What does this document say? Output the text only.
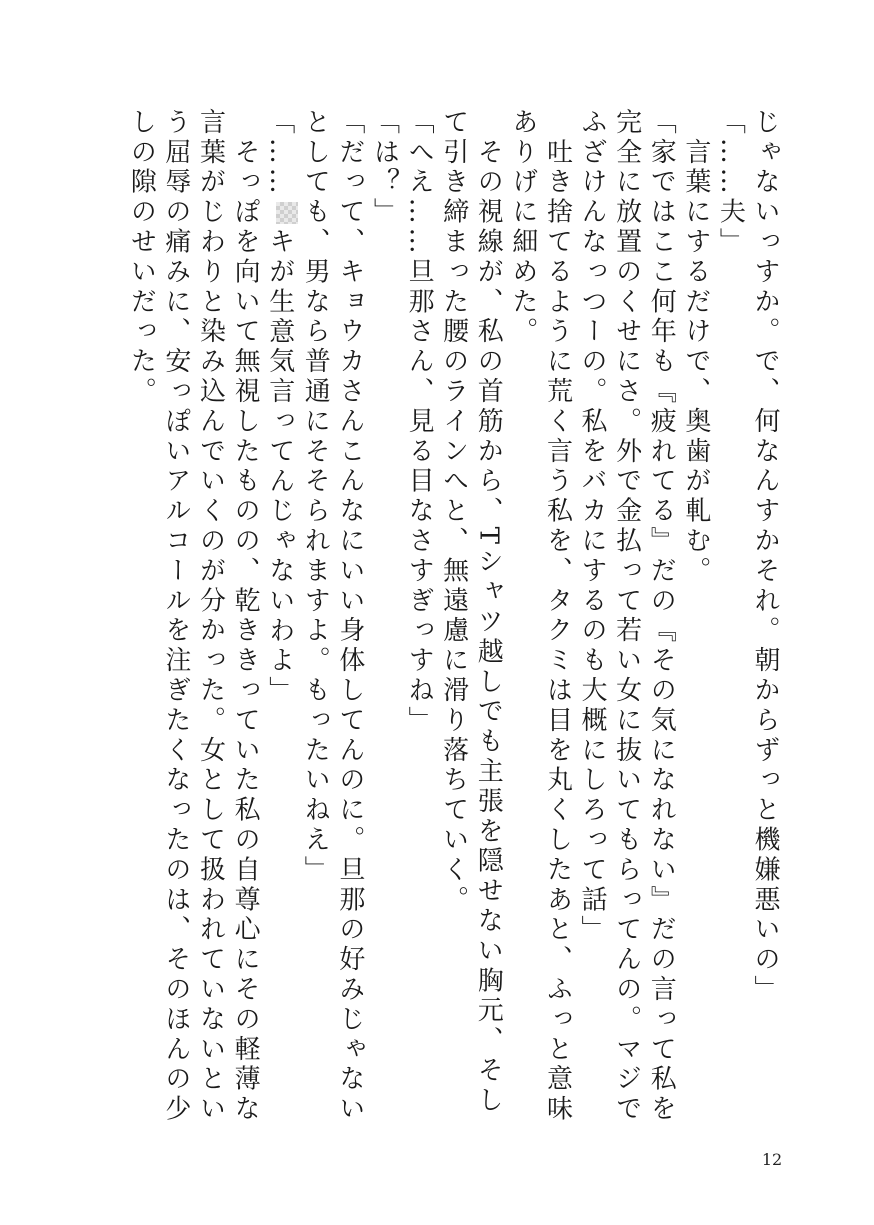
じゃないっすか。で、何なんすかそれ。朝からずっと機嫌悪いの」
「……夫」
　言葉にするだけで、奥歯が軋む。
「家ではここ何年も『疲れてる』だの『その気になれない』だの言って私を
完全に放置のくせにさ。外で金払って若い女に抜いてもらってんの。マジで
ふざけんなっつーの。私をバカにするのも大概にしろって話」
　吐き捨てるように荒く言う私を、タクミは目を丸くしたあと、ふっと意味
ありげに細めた。
　その視線が、私の首筋から、Tシャツ越しでも主張を隠せない胸元、そし
て引き締まった腰のラインへと、無遠慮に滑り落ちていく。
「へえ……旦那さん、見る目なさすぎっすね」
「は？」
「だって、キョウカさんこんなにいい身体してんのに。旦那の好みじゃない
としても、男なら普通にそそられますよ。もったいねえ」
「……キが生意気言ってんじゃないわよ」
　そっぽを向いて無視したものの、乾ききっていた私の自尊心にその軽薄な
言葉がじわりと染み込んでいくのが分かった。女として扱われていないとい
う屈辱の痛みに、安っぽいアルコールを注ぎたくなったのは、そのほんの少
しの隙のせいだった。
12
